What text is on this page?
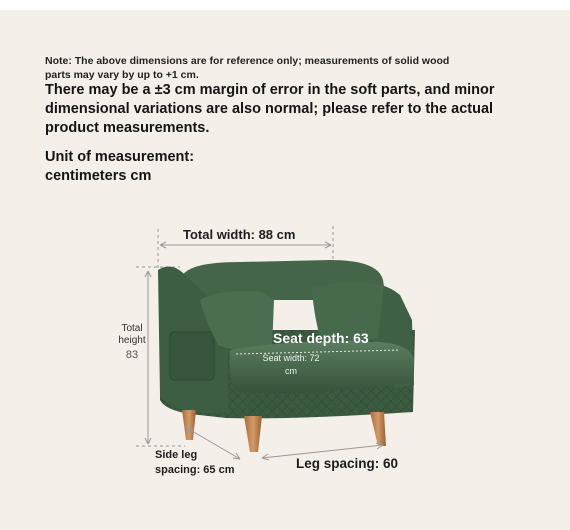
Note: The above dimensions are for reference only; measurements of solid wood parts may vary by up to +1 cm.
There may be a ±3 cm margin of error in the soft parts, and minor dimensional variations are also normal; please refer to the actual product measurements.
Unit of measurement: centimeters cm
Total width: 88 cm
Total height
83
Seat depth: 63
Seat width: 72 cm
Side leg spacing: 65 cm	Leg spacing: 60
